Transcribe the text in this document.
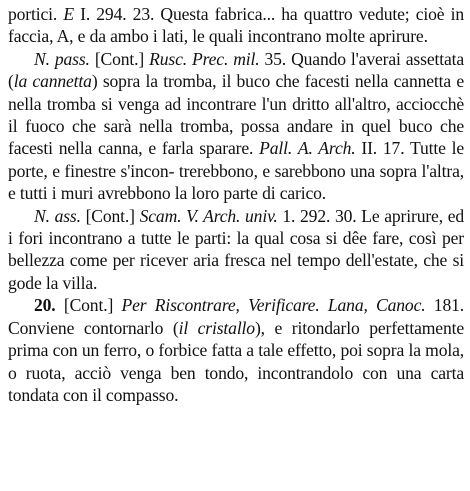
portici. E I. 294. 23. Questa fabrica... ha quattro vedute; cioè in faccia, A, e da ambo i lati, le quali incontrano molte aprirure.
N. pass. [Cont.] Rusc. Prec. mil. 35. Quando l'averai assettata (la cannetta) sopra la tromba, il buco che facesti nella cannetta e nella tromba si venga ad incontrare l'un dritto all'altro, acciocchè il fuoco che sarà nella tromba, possa andare in quel buco che facesti nella canna, e farla sparare. Pall. A. Arch. II. 17. Tutte le porte, e finestre s'incon- trerebbono, e sarebbono una sopra l'altra, e tutti i muri avrebbono la loro parte di carico.
N. ass. [Cont.] Scam. V. Arch. univ. 1. 292. 30. Le aprirure, ed i fori incontrano a tutte le parti: la qual cosa si dêe fare, così per bellezza come per ricever aria fresca nel tempo dell'estate, che si gode la villa.
20. [Cont.] Per Riscontrare, Verificare. Lana, Canoc. 181. Conviene contornarlo (il cristallo), e ritondarlo perfettamente prima con un ferro, o forbice fatta a tale effetto, poi sopra la mola, o ruota, acciò venga ben tondo, incontrandolo con una carta tondata con il compasso.
